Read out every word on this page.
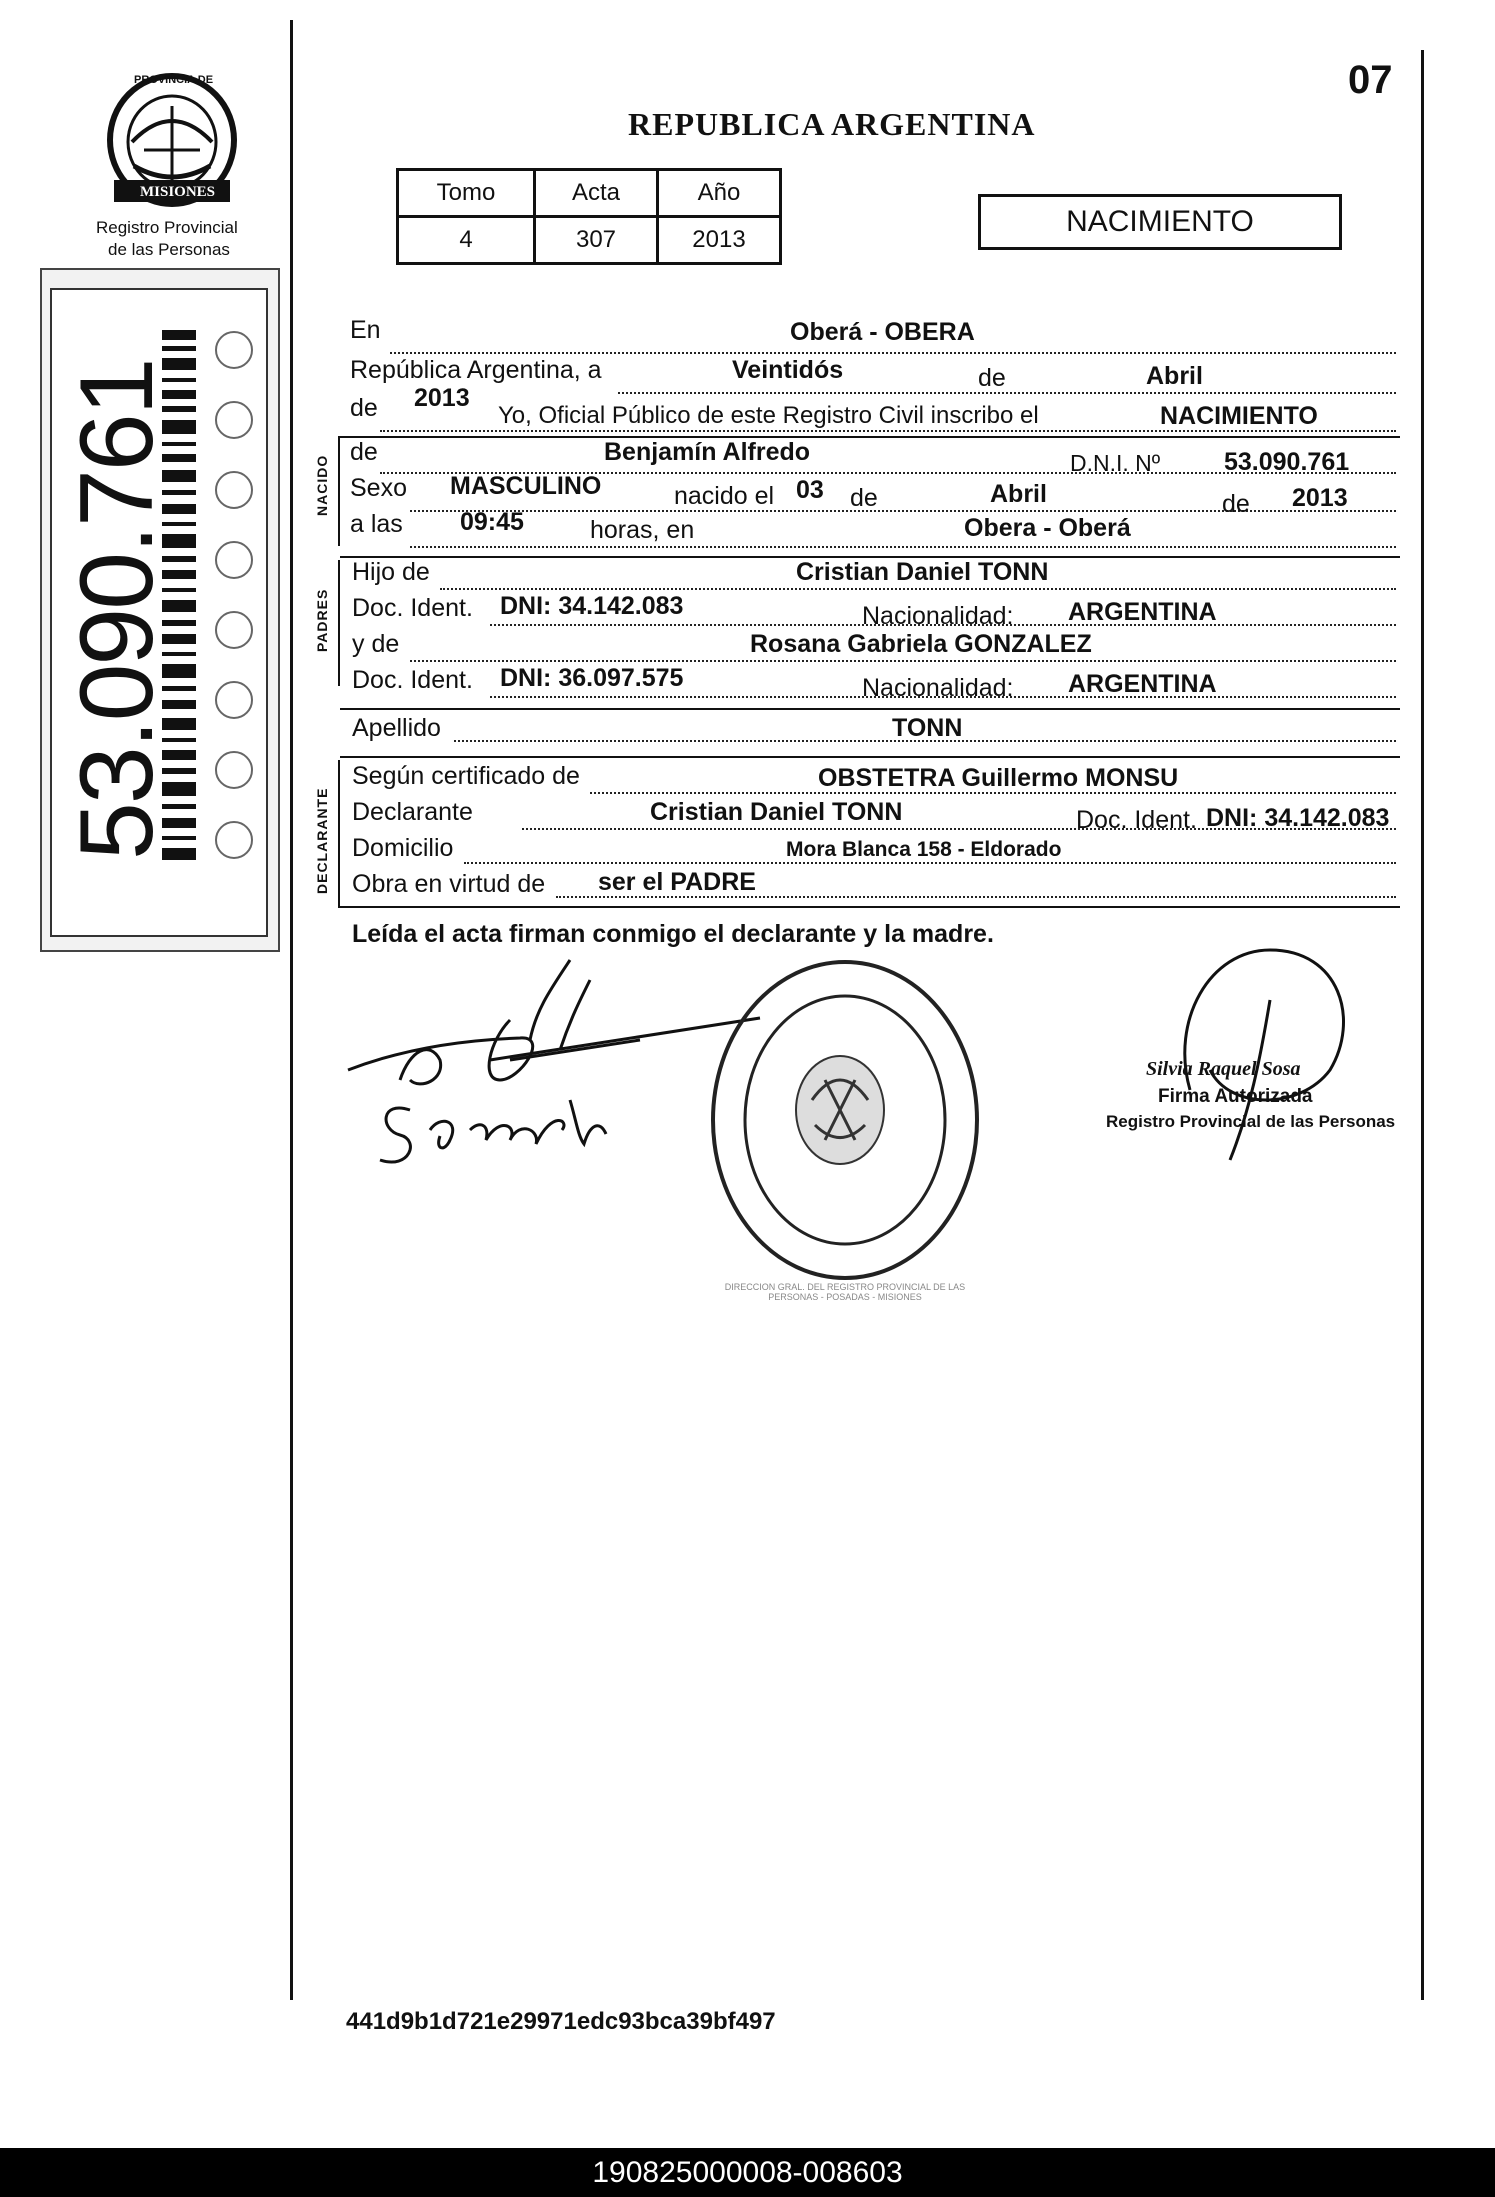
07
REPUBLICA ARGENTINA
PROVINCIA DE
MISIONES
Registro Provincial
de las Personas
53.090.761
Tomo	Acta	Año
4	307	2013
NACIMIENTO
NACIDO
PADRES
DECLARANTE
En	Oberá - OBERA
República Argentina, a	Veintidós	de	Abril
de 2013
Yo, Oficial Público de este Registro Civil inscribo el	NACIMIENTO
de	Benjamín Alfredo	D.N.I. Nº	53.090.761
Sexo MASCULINO	nacido el 03 de	Abril	de 2013
a las 09:45	horas, en	Obera - Oberá
Hijo de	Cristian Daniel TONN
Doc. Ident. DNI: 34.142.083	Nacionalidad: ARGENTINA
y de	Rosana Gabriela GONZALEZ
Doc. Ident. DNI: 36.097.575	Nacionalidad: ARGENTINA
Apellido	TONN
Según certificado de	OBSTETRA Guillermo MONSU
Declarante	Cristian Daniel TONN	Doc. Ident. DNI: 34.142.083
Domicilio	Mora Blanca 158 - Eldorado
Obra en virtud de ser el PADRE
Leída el acta firman conmigo el declarante y la madre.
DIRECCION GRAL. DEL REGISTRO PROVINCIAL DE LAS PERSONAS - POSADAS - MISIONES
Silvia Raquel Sosa
Firma Autorizada
Registro Provincial de las Personas
441d9b1d721e29971edc93bca39bf497
190825000008-008603
